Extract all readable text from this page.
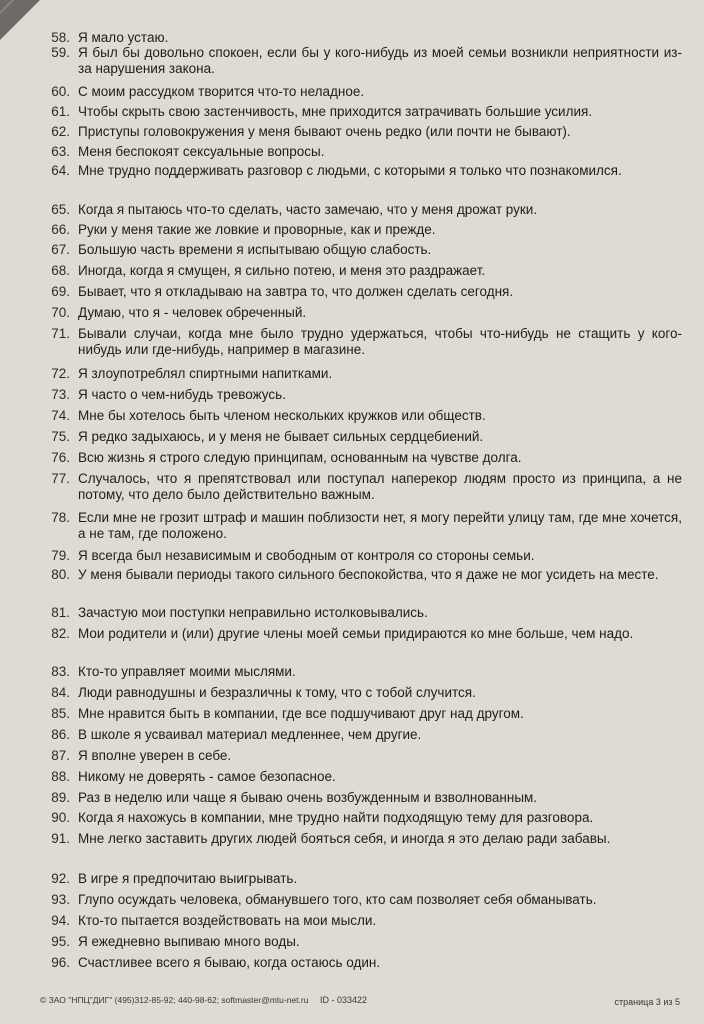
58. Я мало устаю.
59. Я был бы довольно спокоен, если бы у кого-нибудь из моей семьи возникли неприятности из-за нарушения закона.
60. С моим рассудком творится что-то неладное.
61. Чтобы скрыть свою застенчивость, мне приходится затрачивать большие усилия.
62. Приступы головокружения у меня бывают очень редко (или почти не бывают).
63. Меня беспокоят сексуальные вопросы.
64. Мне трудно поддерживать разговор с людьми, с которыми я только что познакомился.
65. Когда я пытаюсь что-то сделать, часто замечаю, что у меня дрожат руки.
66. Руки у меня такие же ловкие и проворные, как и прежде.
67. Большую часть времени я испытываю общую слабость.
68. Иногда, когда я смущен, я сильно потею, и меня это раздражает.
69. Бывает, что я откладываю на завтра то, что должен сделать сегодня.
70. Думаю, что я - человек обреченный.
71. Бывали случаи, когда мне было трудно удержаться, чтобы что-нибудь не стащить у кого-нибудь или где-нибудь, например в магазине.
72. Я злоупотреблял спиртными напитками.
73. Я часто о чем-нибудь тревожусь.
74. Мне бы хотелось быть членом нескольких кружков или обществ.
75. Я редко задыхаюсь, и у меня не бывает сильных сердцебиений.
76. Всю жизнь я строго следую принципам, основанным на чувстве долга.
77. Случалось, что я препятствовал или поступал наперекор людям просто из принципа, а не потому, что дело было действительно важным.
78. Если мне не грозит штраф и машин поблизости нет, я могу перейти улицу там, где мне хочется, а не там, где положено.
79. Я всегда был независимым и свободным от контроля со стороны семьи.
80. У меня бывали периоды такого сильного беспокойства, что я даже не мог усидеть на месте.
81. Зачастую мои поступки неправильно истолковывались.
82. Мои родители и (или) другие члены моей семьи придираются ко мне больше, чем надо.
83. Кто-то управляет моими мыслями.
84. Люди равнодушны и безразличны к тому, что с тобой случится.
85. Мне нравится быть в компании, где все подшучивают друг над другом.
86. В школе я усваивал материал медленнее, чем другие.
87. Я вполне уверен в себе.
88. Никому не доверять - самое безопасное.
89. Раз в неделю или чаще я бываю очень возбужденным и взволнованным.
90. Когда я нахожусь в компании, мне трудно найти подходящую тему для разговора.
91. Мне легко заставить других людей бояться себя, и иногда я это делаю ради забавы.
92. В игре я предпочитаю выигрывать.
93. Глупо осуждать человека, обманувшего того, кто сам позволяет себя обманывать.
94. Кто-то пытается воздействовать на мои мысли.
95. Я ежедневно выпиваю много воды.
96. Счастливее всего я бываю, когда остаюсь один.
© ЗАО "НПЦ"ДИГ" (495)312-85-92; 440-98-62; softmaster@mtu-net.ru ID - 033422	страница 3 из 5
